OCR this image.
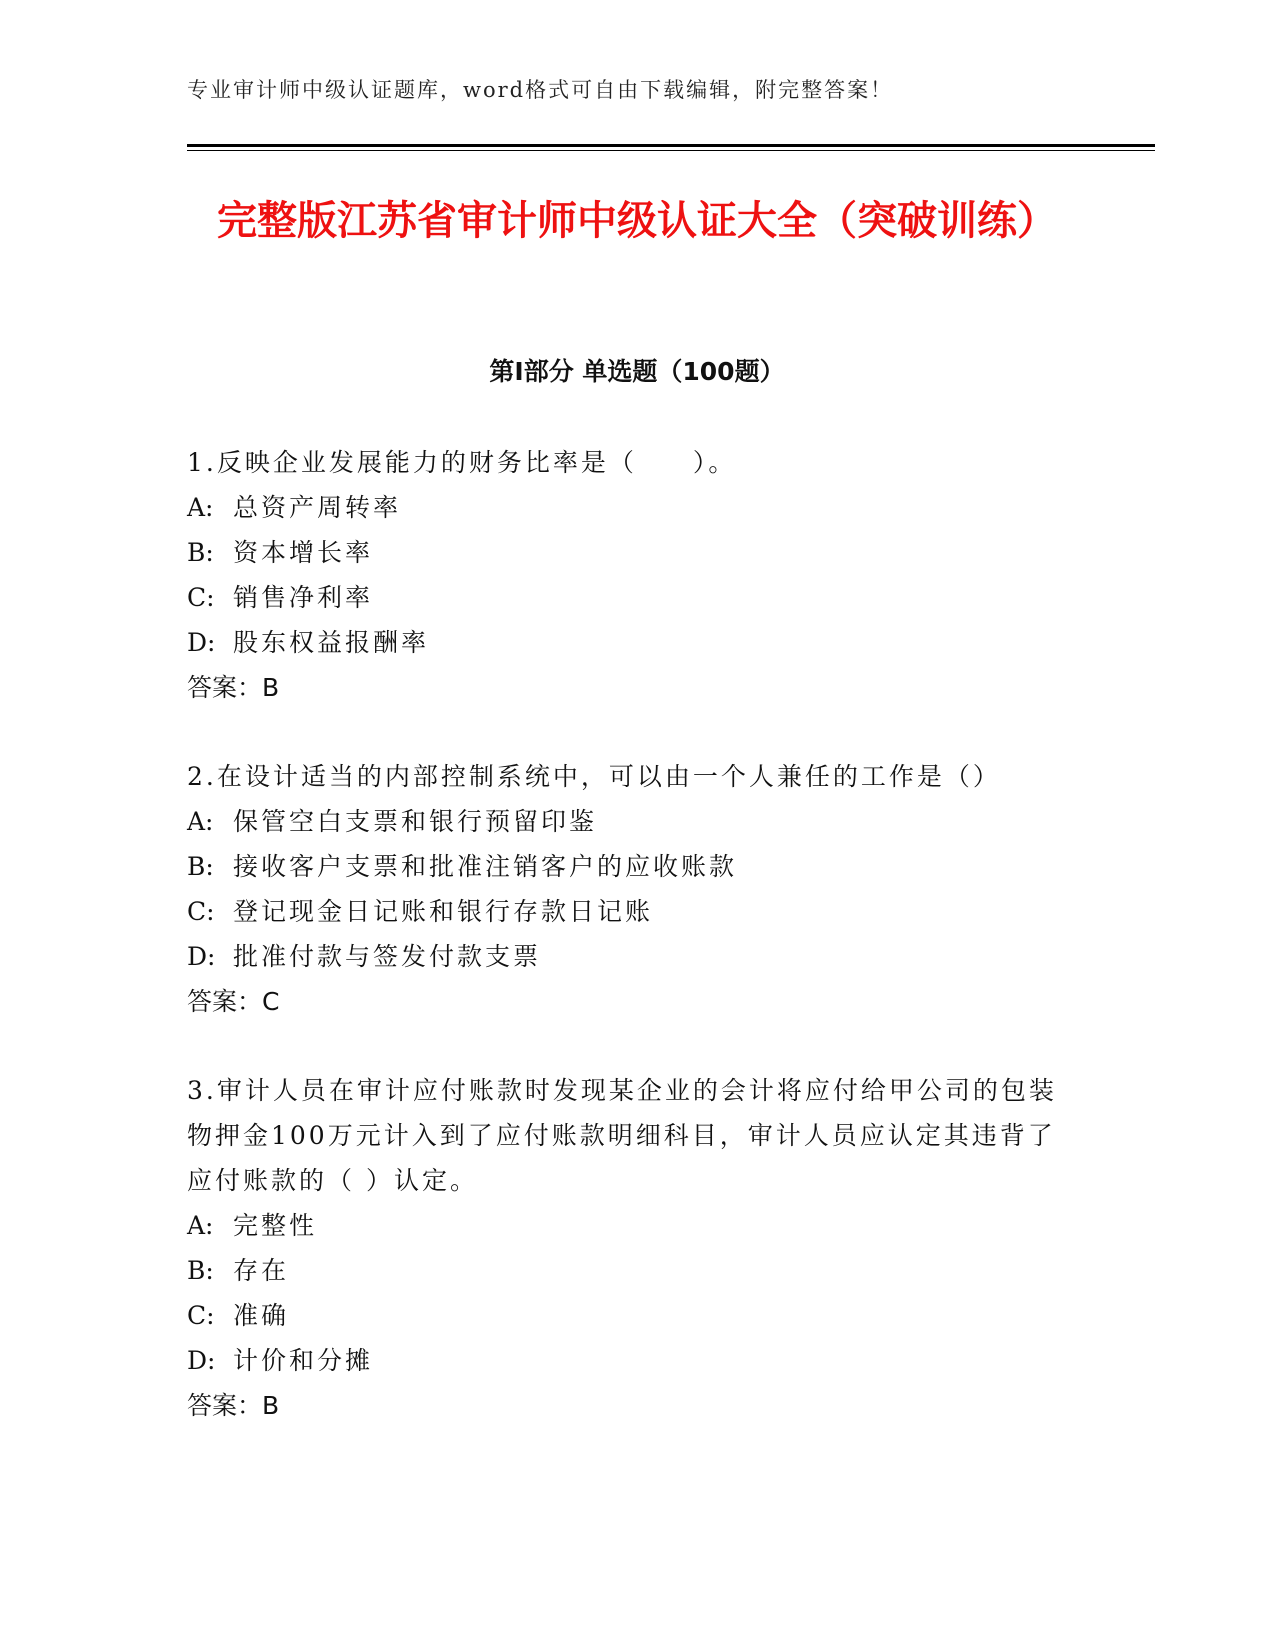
专业审计师中级认证题库，word格式可自由下载编辑，附完整答案！
完整版江苏省审计师中级认证大全（突破训练）
第Ⅰ部分 单选题（100题）
1.反映企业发展能力的财务比率是（　　）。
A: 总资产周转率
B: 资本增长率
C: 销售净利率
D: 股东权益报酬率
答案：B
2.在设计适当的内部控制系统中，可以由一个人兼任的工作是（）
A: 保管空白支票和银行预留印鉴
B: 接收客户支票和批准注销客户的应收账款
C: 登记现金日记账和银行存款日记账
D: 批准付款与签发付款支票
答案：C
3.审计人员在审计应付账款时发现某企业的会计将应付给甲公司的包装物押金100万元计入到了应付账款明细科目，审计人员应认定其违背了应付账款的（ ）认定。
A: 完整性
B: 存在
C: 准确
D: 计价和分摊
答案：B
